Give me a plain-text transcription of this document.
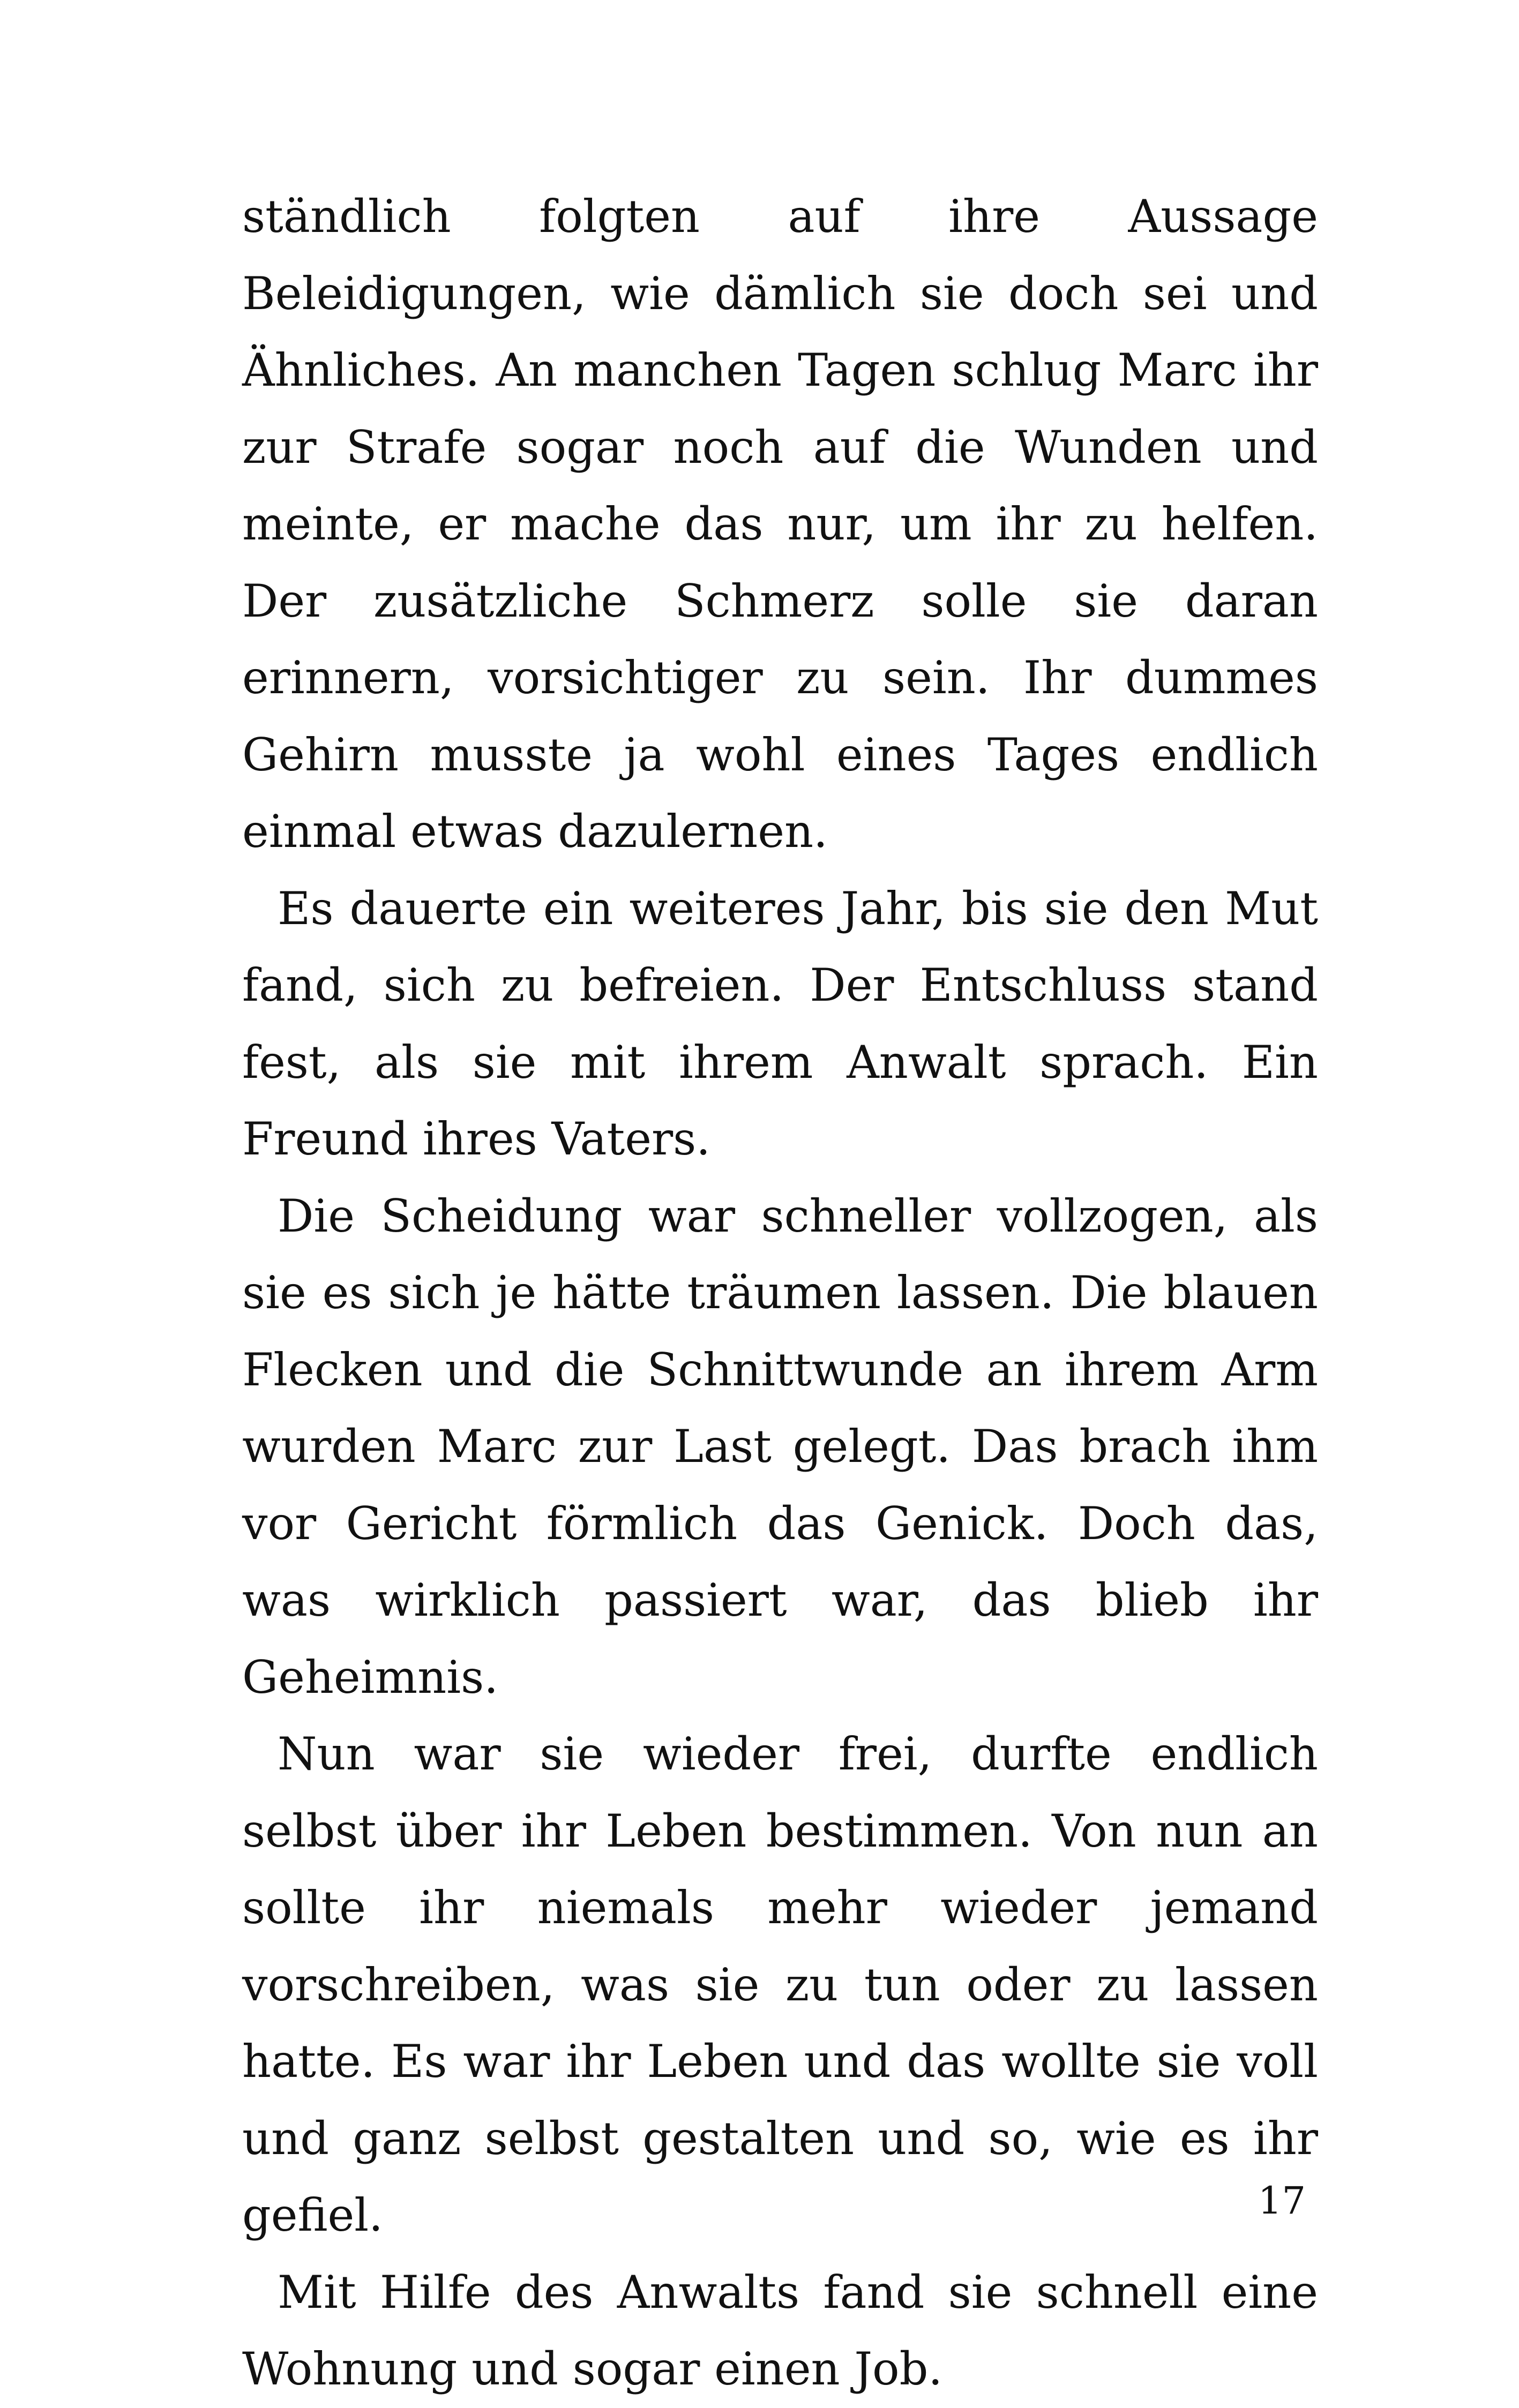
ständlich folgten auf ihre Aussage Beleidigungen, wie dämlich sie doch sei und Ähnliches. An manchen Tagen schlug Marc ihr zur Strafe sogar noch auf die Wunden und meinte, er mache das nur, um ihr zu helfen. Der zusätzliche Schmerz solle sie daran erinnern, vorsichtiger zu sein. Ihr dummes Gehirn musste ja wohl eines Tages endlich einmal etwas dazulernen.

Es dauerte ein weiteres Jahr, bis sie den Mut fand, sich zu befreien. Der Entschluss stand fest, als sie mit ihrem Anwalt sprach. Ein Freund ihres Vaters.

Die Scheidung war schneller vollzogen, als sie es sich je hätte träumen lassen. Die blauen Flecken und die Schnittwunde an ihrem Arm wurden Marc zur Last gelegt. Das brach ihm vor Gericht förmlich das Genick. Doch das, was wirklich passiert war, das blieb ihr Geheimnis.

Nun war sie wieder frei, durfte endlich selbst über ihr Leben bestimmen. Von nun an sollte ihr niemals mehr wieder jemand vorschreiben, was sie zu tun oder zu lassen hatte. Es war ihr Leben und das wollte sie voll und ganz selbst gestalten und so, wie es ihr gefiel.

Mit Hilfe des Anwalts fand sie schnell eine Wohnung und sogar einen Job.

17
